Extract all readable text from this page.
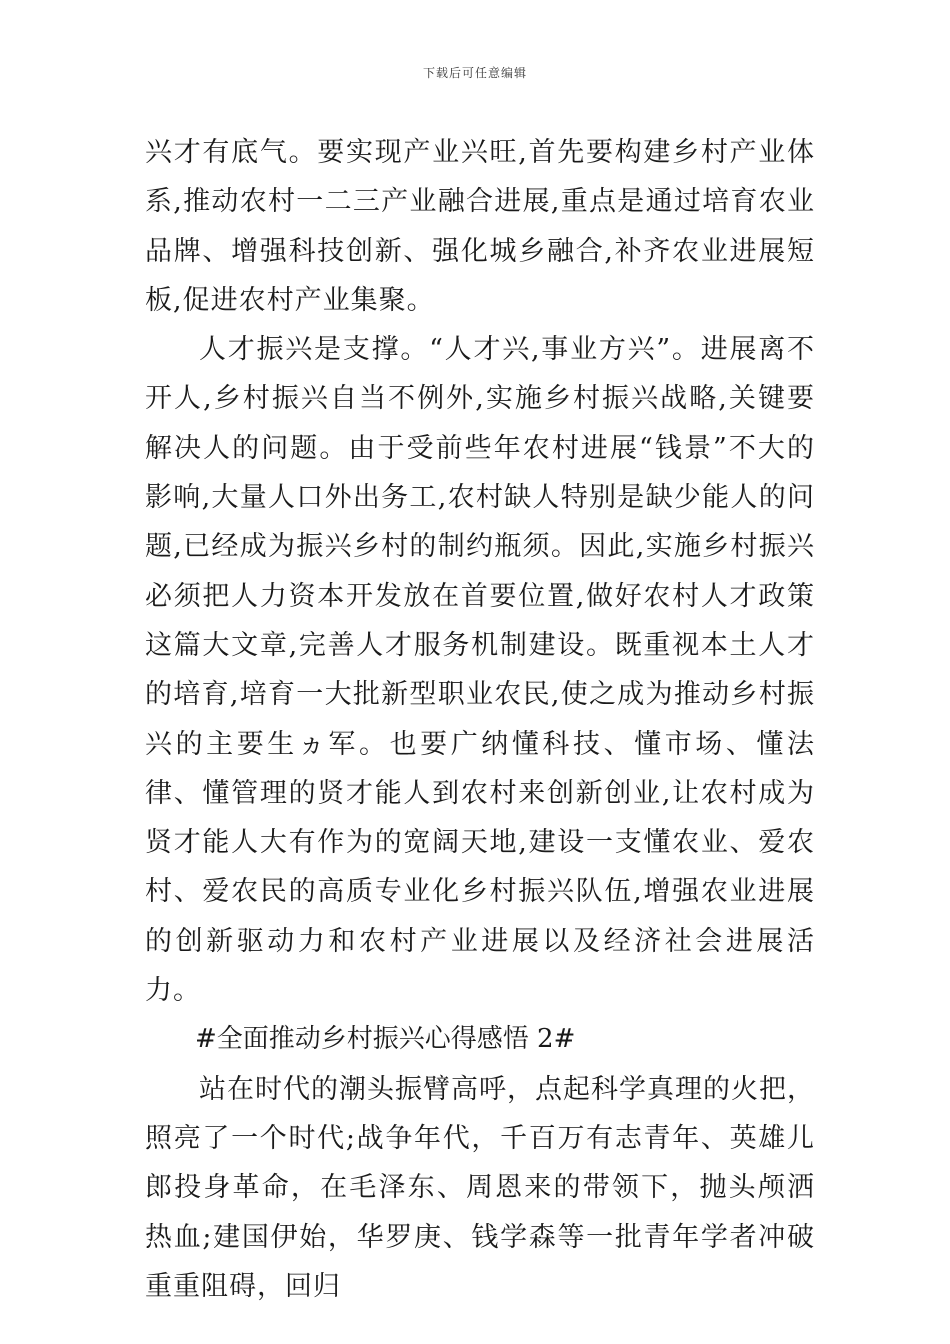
下载后可任意编辑

兴才有底气。要实现产业兴旺,首先要构建乡村产业体系,推动农村一二三产业融合进展,重点是通过培育农业品牌、增强科技创新、强化城乡融合,补齐农业进展短板,促进农村产业集聚。

人才振兴是支撑。“人才兴,事业方兴”。进展离不开人,乡村振兴自当不例外,实施乡村振兴战略,关键要解决人的问题。由于受前些年农村进展“钱景”不大的影响,大量人口外出务工,农村缺人特别是缺少能人的问题,已经成为振兴乡村的制约瓶须。因此,实施乡村振兴必须把人力资本开发放在首要位置,做好农村人才政策这篇大文章,完善人才服务机制建设。既重视本土人才的培育,培育一大批新型职业农民,使之成为推动乡村振兴的主要生ヵ军。也要广纳懂科技、懂市场、懂法律、懂管理的贤才能人到农村来创新创业,让农村成为贤才能人大有作为的宽阔天地,建设一支懂农业、爱农村、爱农民的高质专业化乡村振兴队伍,增强农业进展的创新驱动力和农村产业进展以及经济社会进展活力。

#全面推动乡村振兴心得感悟 2#

站在时代的潮头振臂高呼，点起科学真理的火把，照亮了一个时代;战争年代，千百万有志青年、英雄儿郎投身革命，在毛泽东、周恩来的带领下，抛头颅洒热血;建国伊始，华罗庚、钱学森等一批青年学者冲破重重阻碍，回归
